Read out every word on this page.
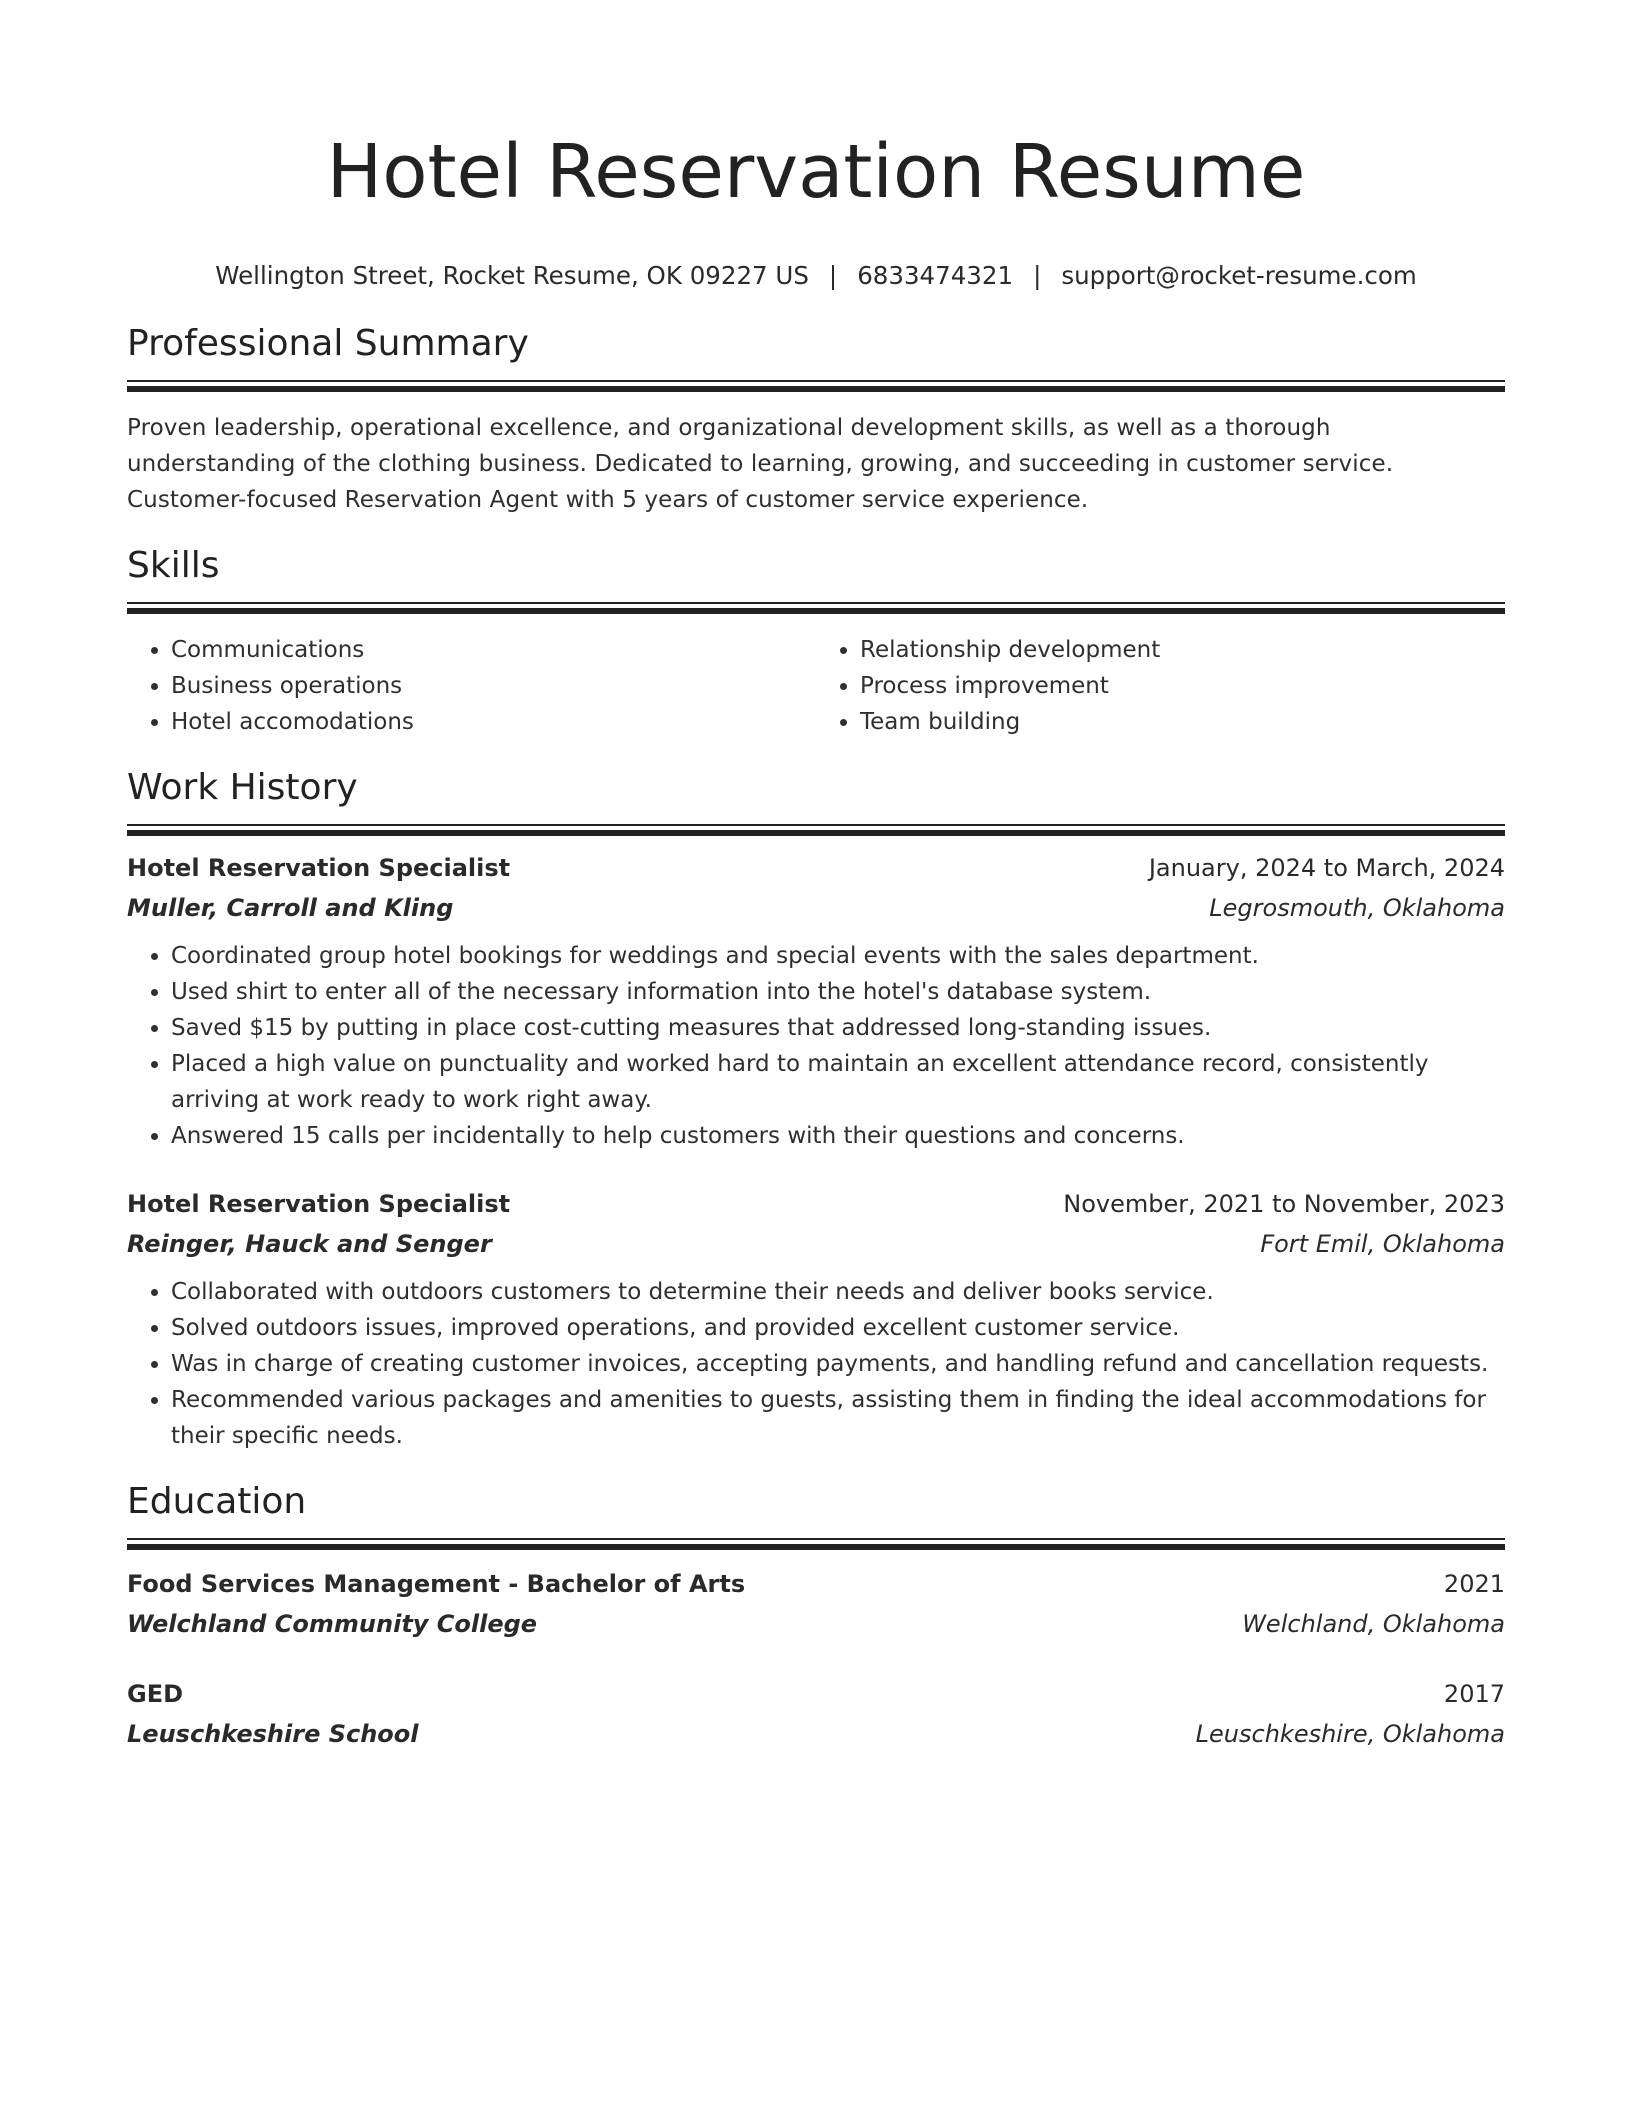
Hotel Reservation Resume
Wellington Street, Rocket Resume, OK 09227 US | 6833474321 | support@rocket-resume.com
Professional Summary
Proven leadership, operational excellence, and organizational development skills, as well as a thorough understanding of the clothing business. Dedicated to learning, growing, and succeeding in customer service. Customer-focused Reservation Agent with 5 years of customer service experience.
Skills
• Communications
• Business operations
• Hotel accomodations
• Relationship development
• Process improvement
• Team building
Work History
Hotel Reservation Specialist	January, 2024 to March, 2024
Muller, Carroll and Kling	Legrosmouth, Oklahoma
• Coordinated group hotel bookings for weddings and special events with the sales department.
• Used shirt to enter all of the necessary information into the hotel's database system.
• Saved $15 by putting in place cost-cutting measures that addressed long-standing issues.
• Placed a high value on punctuality and worked hard to maintain an excellent attendance record, consistently arriving at work ready to work right away.
• Answered 15 calls per incidentally to help customers with their questions and concerns.
Hotel Reservation Specialist	November, 2021 to November, 2023
Reinger, Hauck and Senger	Fort Emil, Oklahoma
• Collaborated with outdoors customers to determine their needs and deliver books service.
• Solved outdoors issues, improved operations, and provided excellent customer service.
• Was in charge of creating customer invoices, accepting payments, and handling refund and cancellation requests.
• Recommended various packages and amenities to guests, assisting them in finding the ideal accommodations for their specific needs.
Education
Food Services Management - Bachelor of Arts	2021
Welchland Community College	Welchland, Oklahoma
GED	2017
Leuschkeshire School	Leuschkeshire, Oklahoma
